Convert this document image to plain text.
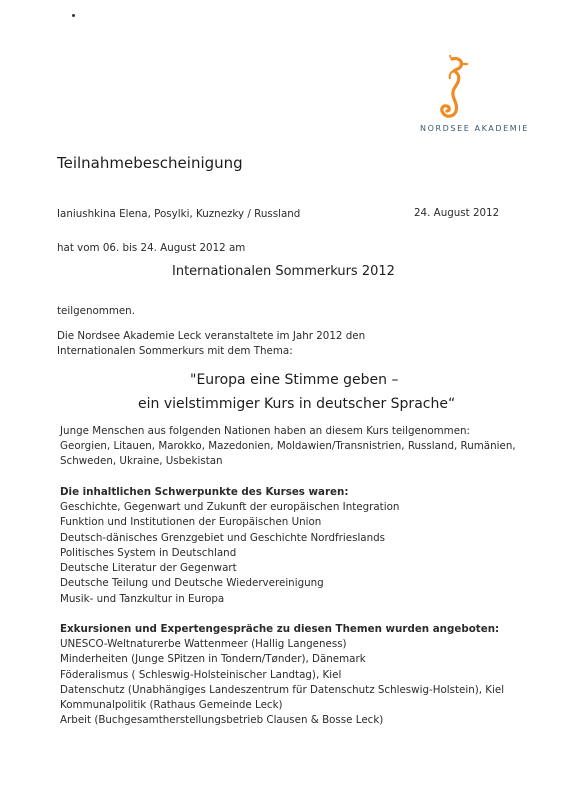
NORDSEE AKADEMIE
Teilnahmebescheinigung
Ianiushkina Elena, Posylki, Kuznezky / Russland	24. August 2012
hat vom 06. bis 24. August 2012 am
Internationalen Sommerkurs 2012
teilgenommen.
Die Nordsee Akademie Leck veranstaltete im Jahr 2012 den
Internationalen Sommerkurs mit dem Thema:
"Europa eine Stimme geben –
ein vielstimmiger Kurs in deutscher Sprache“
Junge Menschen aus folgenden Nationen haben an diesem Kurs teilgenommen:
Georgien, Litauen, Marokko, Mazedonien, Moldawien/Transnistrien, Russland, Rumänien,
Schweden, Ukraine, Usbekistan
Die inhaltlichen Schwerpunkte des Kurses waren:
Geschichte, Gegenwart und Zukunft der europäischen Integration
Funktion und Institutionen der Europäischen Union
Deutsch-dänisches Grenzgebiet und Geschichte Nordfrieslands
Politisches System in Deutschland
Deutsche Literatur der Gegenwart
Deutsche Teilung und Deutsche Wiedervereinigung
Musik- und Tanzkultur in Europa
Exkursionen und Expertengespräche zu diesen Themen wurden angeboten:
UNESCO-Weltnaturerbe Wattenmeer (Hallig Langeness)
Minderheiten (Junge SPitzen in Tondern/Tønder), Dänemark
Föderalismus ( Schleswig-Holsteinischer Landtag), Kiel
Datenschutz (Unabhängiges Landeszentrum für Datenschutz Schleswig-Holstein), Kiel
Kommunalpolitik (Rathaus Gemeinde Leck)
Arbeit (Buchgesamtherstellungsbetrieb Clausen & Bosse Leck)
